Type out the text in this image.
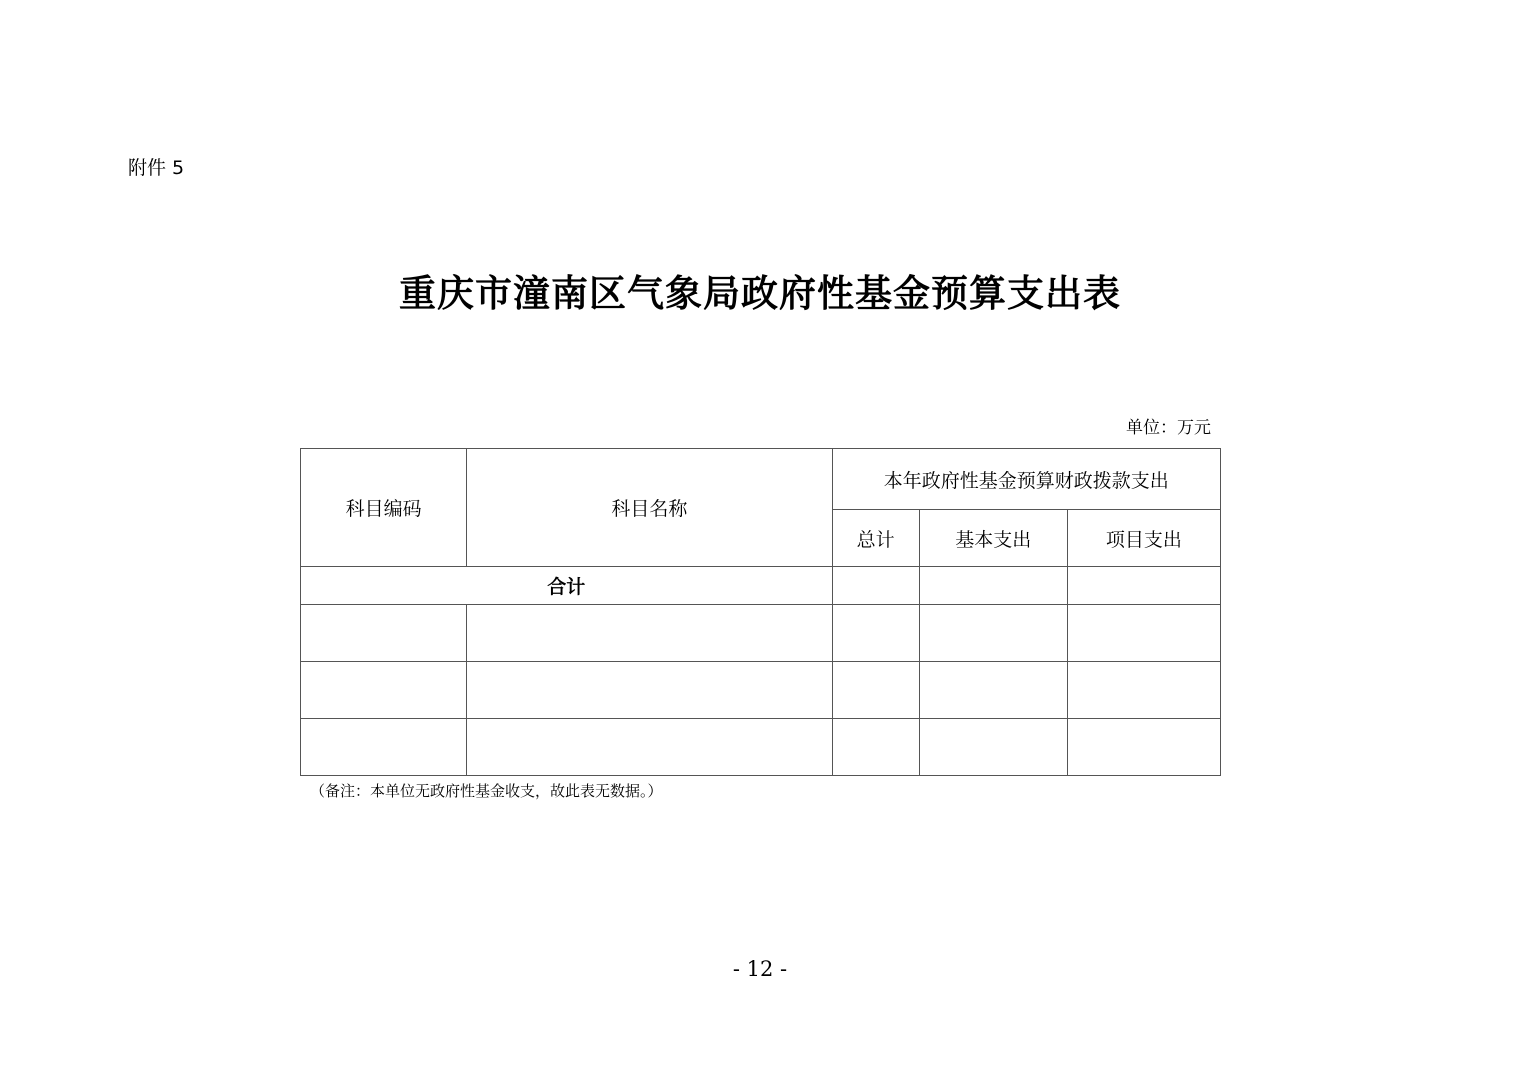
附件 5
重庆市潼南区气象局政府性基金预算支出表
单位：万元
科目编码	科目名称	本年政府性基金预算财政拨款支出		
		总计	基本支出	项目支出
合计				

（备注：本单位无政府性基金收支，故此表无数据。）
- 12 -
